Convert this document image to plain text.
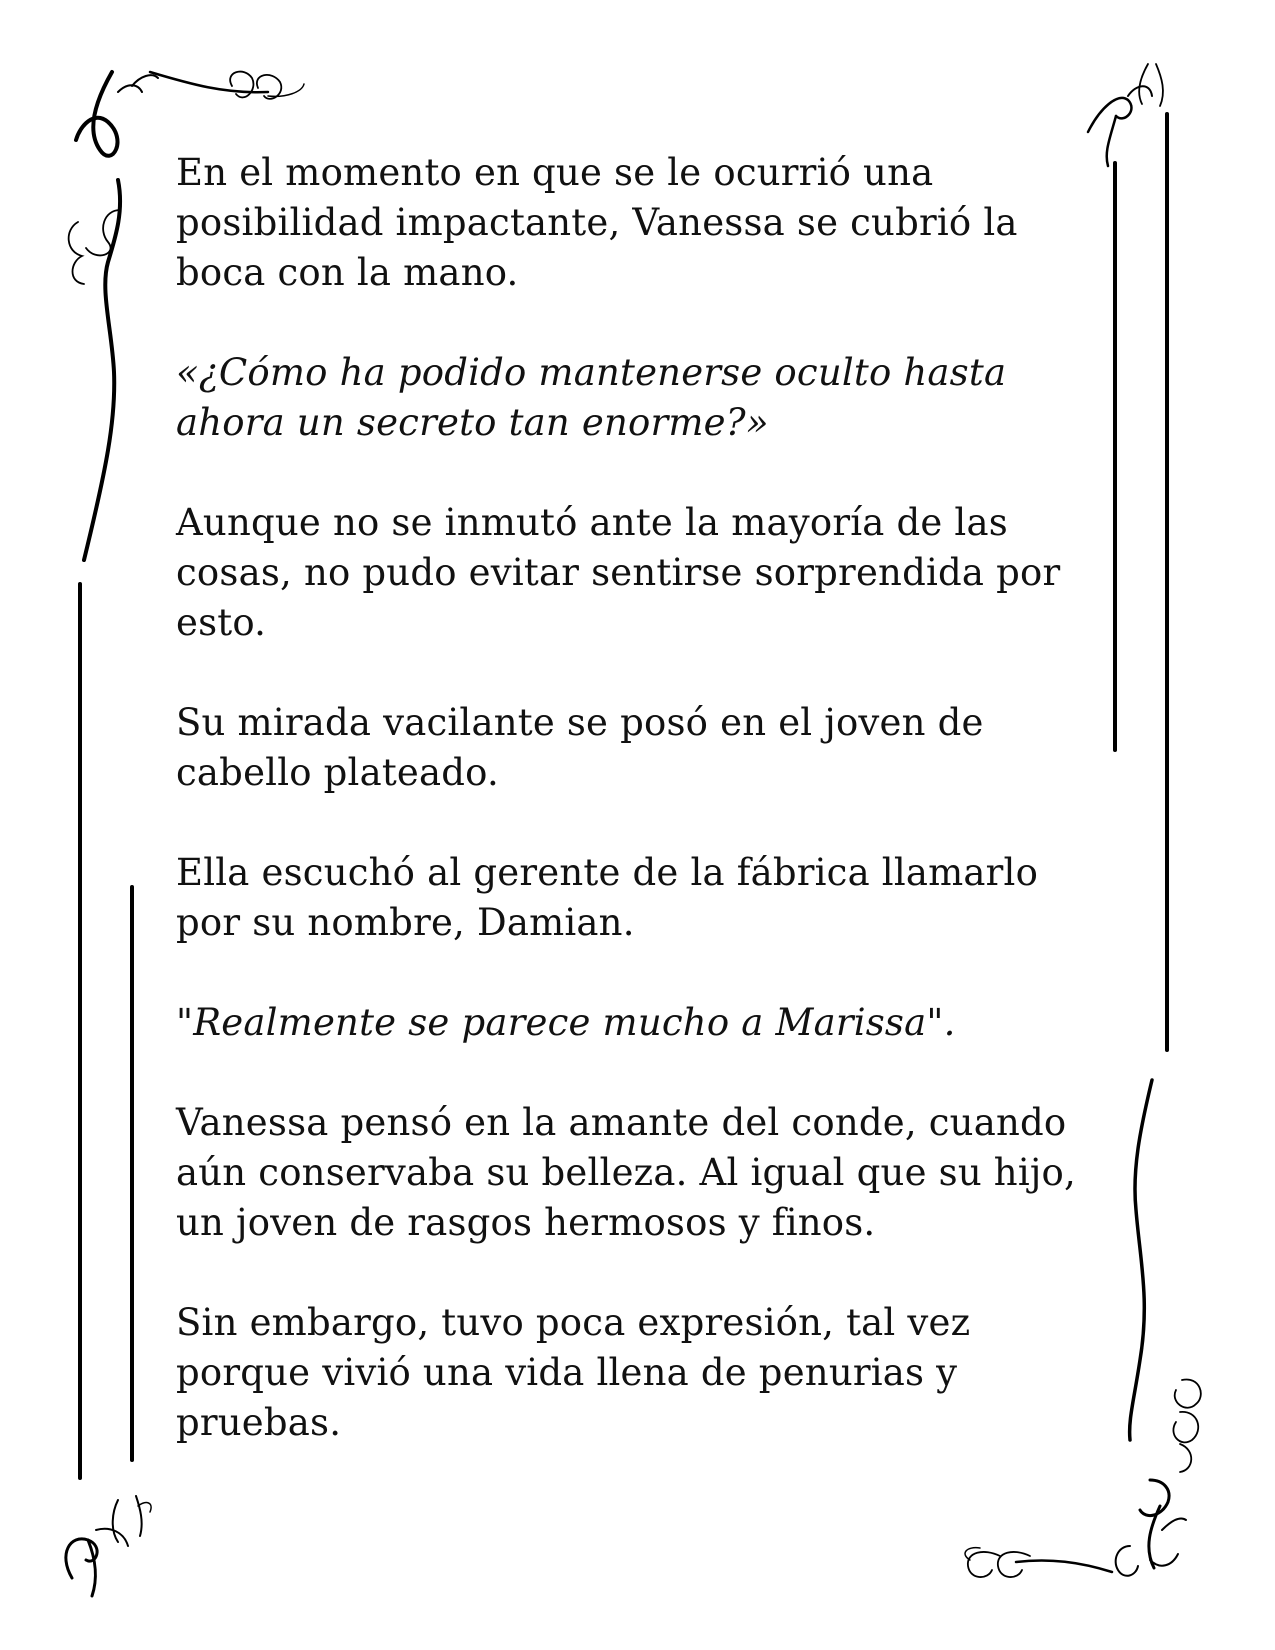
En el momento en que se le ocurrió una posibilidad impactante, Vanessa se cubrió la boca con la mano.

«¿Cómo ha podido mantenerse oculto hasta ahora un secreto tan enorme?»

Aunque no se inmutó ante la mayoría de las cosas, no pudo evitar sentirse sorprendida por esto.

Su mirada vacilante se posó en el joven de cabello plateado.

Ella escuchó al gerente de la fábrica llamarlo por su nombre, Damian.

"Realmente se parece mucho a Marissa".

Vanessa pensó en la amante del conde, cuando aún conservaba su belleza. Al igual que su hijo, un joven de rasgos hermosos y finos.

Sin embargo, tuvo poca expresión, tal vez porque vivió una vida llena de penurias y pruebas.
